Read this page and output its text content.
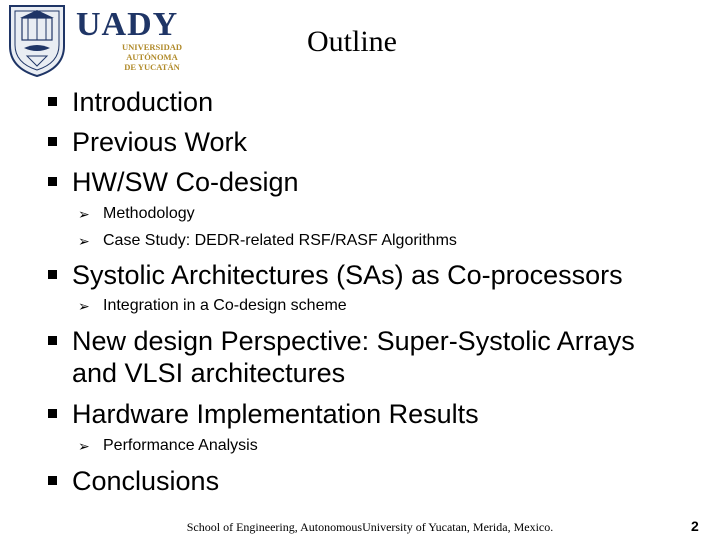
UADY
UNIVERSIDAD
AUTÓNOMA
DE YUCATÁN
Outline
Introduction
Previous Work
HW/SW Co-design
➢ Methodology
➢ Case Study: DEDR-related RSF/RASF Algorithms
Systolic Architectures (SAs) as Co-processors
➢ Integration in a Co-design scheme
New design Perspective: Super-Systolic Arrays
and VLSI architectures
Hardware Implementation Results
➢ Performance Analysis
Conclusions
School of Engineering, AutonomousUniversity of Yucatan, Merida, Mexico.	2
